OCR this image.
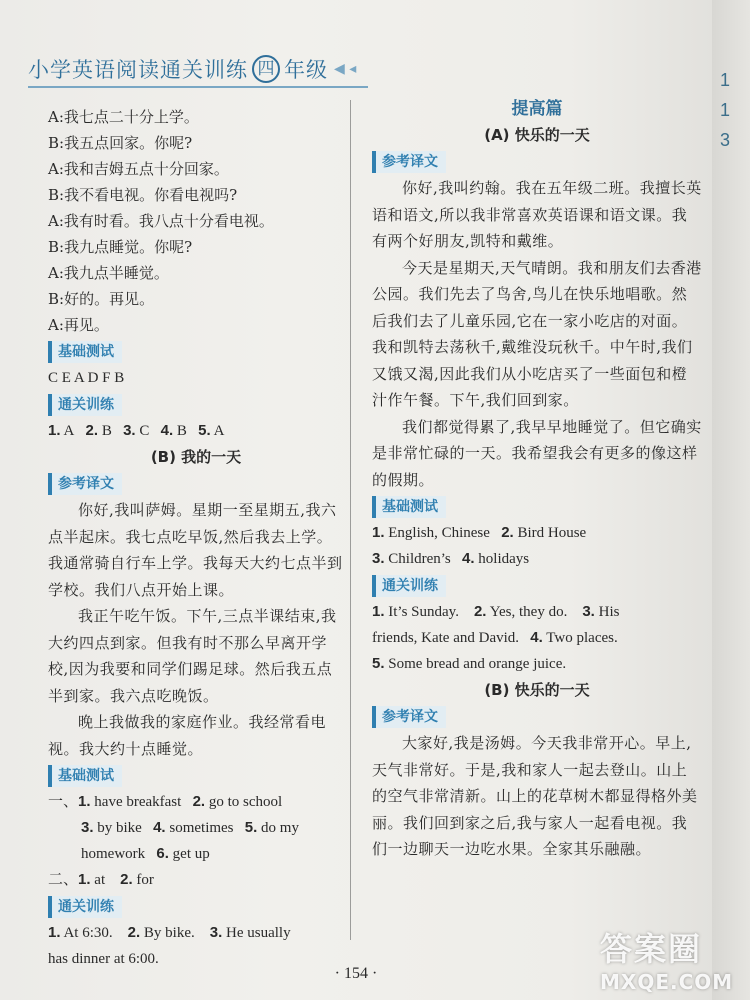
小学英语阅读通关训练 四 年级 ◀ ◂
A:我七点二十分上学。
B:我五点回家。你呢?
A:我和吉姆五点十分回家。
B:我不看电视。你看电视吗?
A:我有时看。我八点十分看电视。
B:我九点睡觉。你呢?
A:我九点半睡觉。
B:好的。再见。
A:再见。
基础测试
C E A D F B
通关训练
1. A 2. B 3. C 4. B 5. A
(B) 我的一天
参考译文

你好,我叫萨姆。星期一至星期五,我六点半起床。我七点吃早饭,然后我去上学。我通常骑自行车上学。我每天大约七点半到学校。我们八点开始上课。

我正午吃午饭。下午,三点半课结束,我大约四点到家。但我有时不那么早离开学校,因为我要和同学们踢足球。然后我五点半到家。我六点吃晚饭。

晚上我做我的家庭作业。我经常看电视。我大约十点睡觉。

基础测试
一、1. have breakfast 2. go to school
3. by bike 4. sometimes 5. do my
homework 6. get up
二、1. at 2. for
通关训练
1. At 6:30. 2. By bike. 3. He usually
has dinner at 6:00.
提高篇
(A) 快乐的一天
参考译文

你好,我叫约翰。我在五年级二班。我擅长英语和语文,所以我非常喜欢英语课和语文课。我有两个好朋友,凯特和戴维。

今天是星期天,天气晴朗。我和朋友们去香港公园。我们先去了鸟舍,鸟儿在快乐地唱歌。然后我们去了儿童乐园,它在一家小吃店的对面。我和凯特去荡秋千,戴维没玩秋千。中午时,我们又饿又渴,因此我们从小吃店买了一些面包和橙汁作午餐。下午,我们回到家。

我们都觉得累了,我早早地睡觉了。但它确实是非常忙碌的一天。我希望我会有更多的像这样的假期。

基础测试
1. English, Chinese 2. Bird House
3. Children’s 4. holidays
通关训练
1. It’s Sunday. 2. Yes, they do. 3. His
friends, Kate and David. 4. Two places.
5. Some bread and orange juice.
(B) 快乐的一天
参考译文

大家好,我是汤姆。今天我非常开心。早上,天气非常好。于是,我和家人一起去登山。山上的空气非常清新。山上的花草树木都显得格外美丽。我们回到家之后,我与家人一起看电视。我们一边聊天一边吃水果。全家其乐融融。

· 154 ·
1
1
3
答案圈
MXQE.COM
